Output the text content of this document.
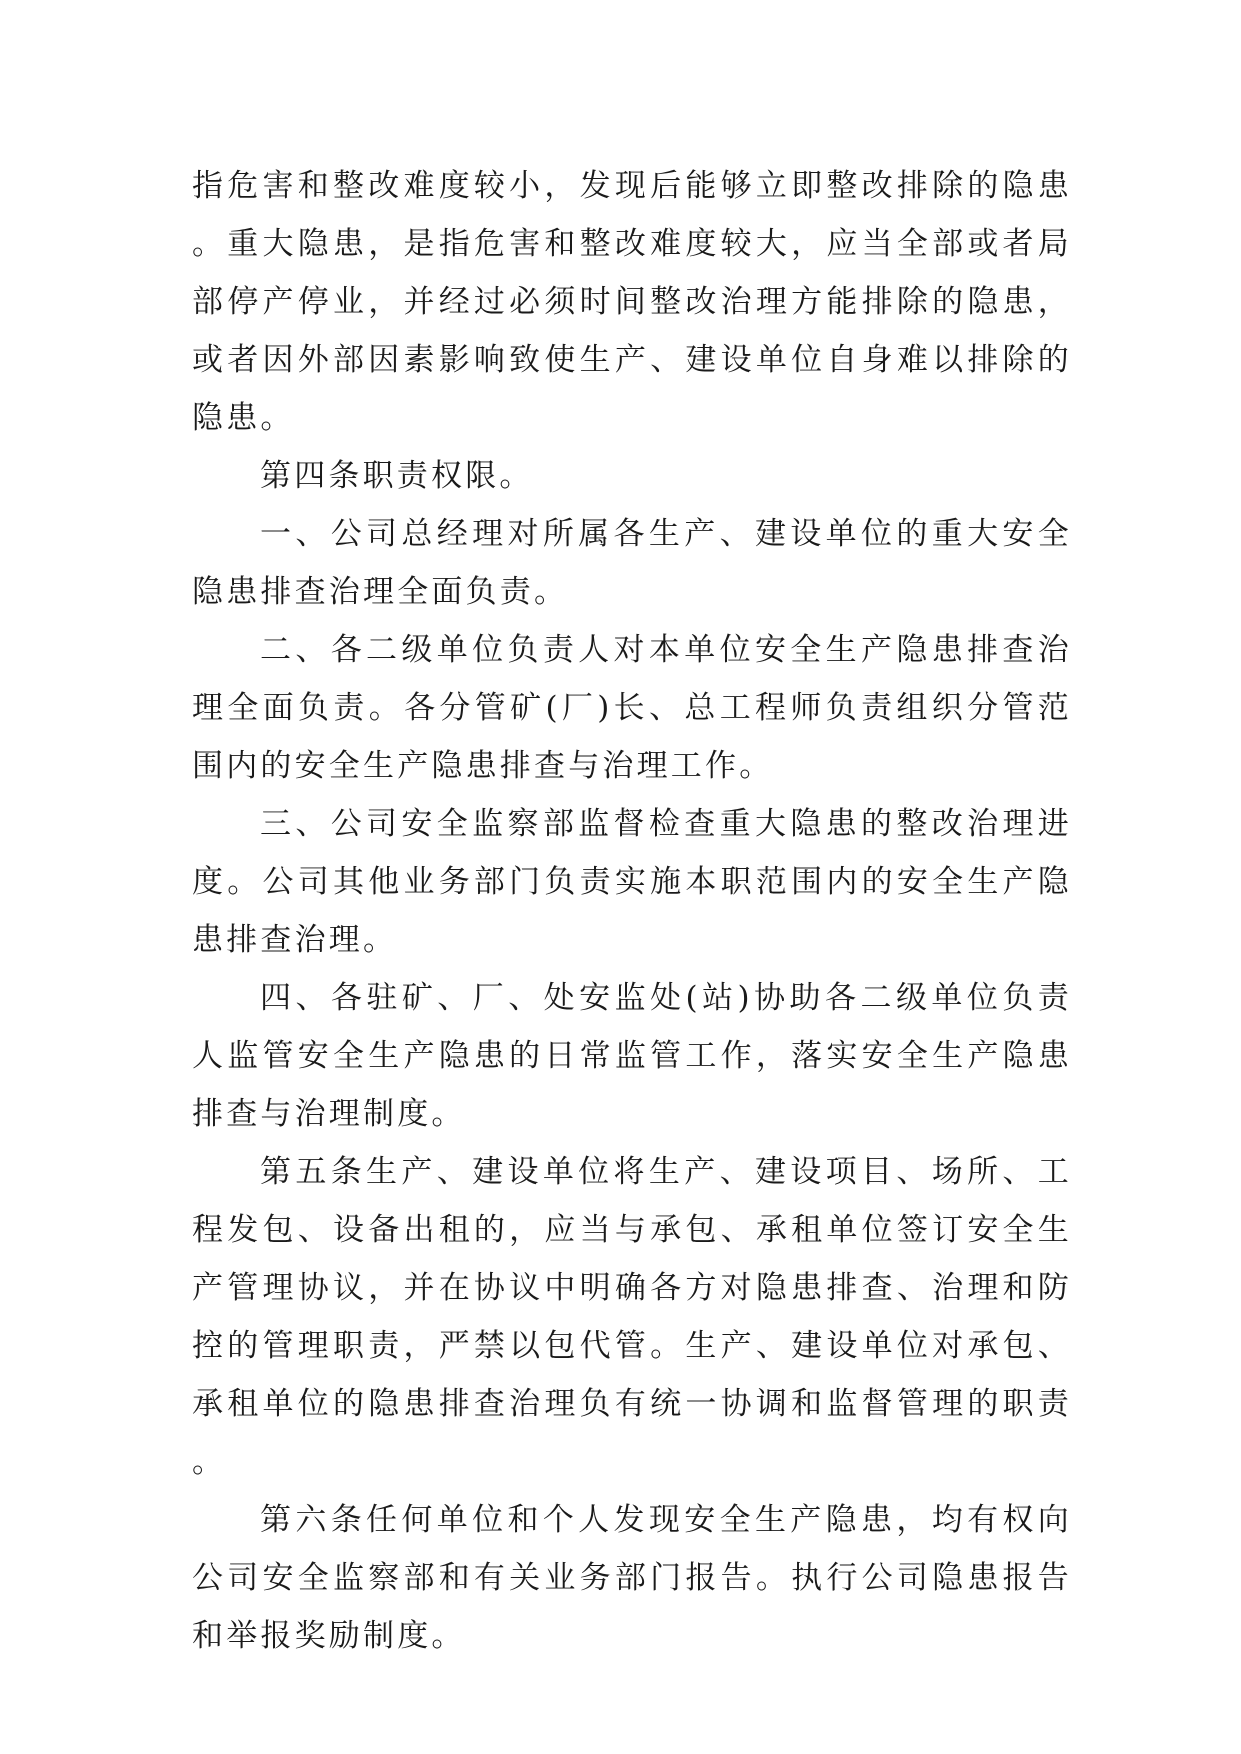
指危害和整改难度较小，发现后能够立即整改排除的隐患。重大隐患，是指危害和整改难度较大，应当全部或者局部停产停业，并经过必须时间整改治理方能排除的隐患，或者因外部因素影响致使生产、建设单位自身难以排除的隐患。

第四条职责权限。

一、公司总经理对所属各生产、建设单位的重大安全隐患排查治理全面负责。

二、各二级单位负责人对本单位安全生产隐患排查治理全面负责。各分管矿(厂)长、总工程师负责组织分管范围内的安全生产隐患排查与治理工作。

三、公司安全监察部监督检查重大隐患的整改治理进度。公司其他业务部门负责实施本职范围内的安全生产隐患排查治理。

四、各驻矿、厂、处安监处(站)协助各二级单位负责人监管安全生产隐患的日常监管工作，落实安全生产隐患排查与治理制度。

第五条生产、建设单位将生产、建设项目、场所、工程发包、设备出租的，应当与承包、承租单位签订安全生产管理协议，并在协议中明确各方对隐患排查、治理和防控的管理职责，严禁以包代管。生产、建设单位对承包、承租单位的隐患排查治理负有统一协调和监督管理的职责。

第六条任何单位和个人发现安全生产隐患，均有权向公司安全监察部和有关业务部门报告。执行公司隐患报告和举报奖励制度。
